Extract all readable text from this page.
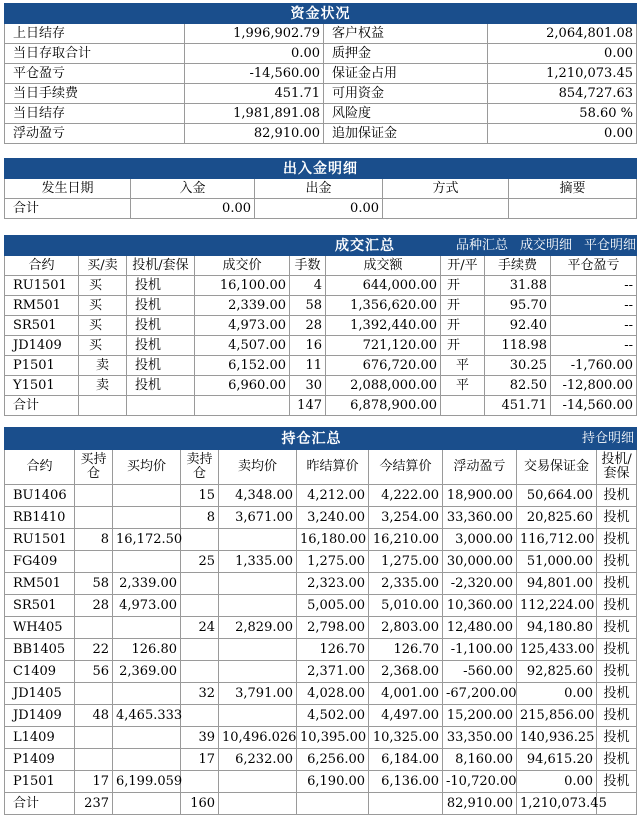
资金状况			
上日结存	1,996,902.79	客户权益	2,064,801.08
当日存取合计	0.00	质押金	0.00
平仓盈亏	-14,560.00	保证金占用	1,210,073.45
当日手续费	451.71	可用资金	854,727.63
当日结存	1,981,891.08	风险度	58.60 %
浮动盈亏	82,910.00	追加保证金	0.00
出入金明细				
发生日期	入金	出金	方式	摘要
合计	0.00	0.00		
				成交汇总		品种汇总 成交明细 平仓明细		
合约	买/卖	投机/套保	成交价	手数	成交额	开/平	手续费	平仓盈亏
RU1501	买	投机	16,100.00	4	644,000.00	开	31.88	--
RM501	买	投机	2,339.00	58	1,356,620.00	开	95.70	--
SR501	买	投机	4,973.00	28	1,392,440.00	开	92.40	--
JD1409	买	投机	4,507.00	16	721,120.00	开	118.98	--
P1501	卖	投机	6,152.00	11	676,720.00	平	30.25	-1,760.00
Y1501	卖	投机	6,960.00	30	2,088,000.00	平	82.50	-12,800.00
合计				147	6,878,900.00		451.71	-14,560.00
			持仓汇总				持仓明细		
合约	买持仓	买均价	卖持仓	卖均价	昨结算价	今结算价	浮动盈亏	交易保证金	投机/套保
BU1406			15	4,348.00	4,212.00	4,222.00	18,900.00	50,664.00	投机
RB1410			8	3,671.00	3,240.00	3,254.00	33,360.00	20,825.60	投机
RU1501	8	16,172.50			16,180.00	16,210.00	3,000.00	116,712.00	投机
FG409			25	1,335.00	1,275.00	1,275.00	30,000.00	51,000.00	投机
RM501	58	2,339.00			2,323.00	2,335.00	-2,320.00	94,801.00	投机
SR501	28	4,973.00			5,005.00	5,010.00	10,360.00	112,224.00	投机
WH405			24	2,829.00	2,798.00	2,803.00	12,480.00	94,180.80	投机
BB1405	22	126.80			126.70	126.70	-1,100.00	125,433.00	投机
C1409	56	2,369.00			2,371.00	2,368.00	-560.00	92,825.60	投机
JD1405			32	3,791.00	4,028.00	4,001.00	-67,200.00	0.00	投机
JD1409	48	4,465.333			4,502.00	4,497.00	15,200.00	215,856.00	投机
L1409			39	10,496.026	10,395.00	10,325.00	33,350.00	140,936.25	投机
P1409			17	6,232.00	6,256.00	6,184.00	8,160.00	94,615.20	投机
P1501	17	6,199.059			6,190.00	6,136.00	-10,720.00	0.00	投机
合计	237		160				82,910.00	1,210,073.45	
